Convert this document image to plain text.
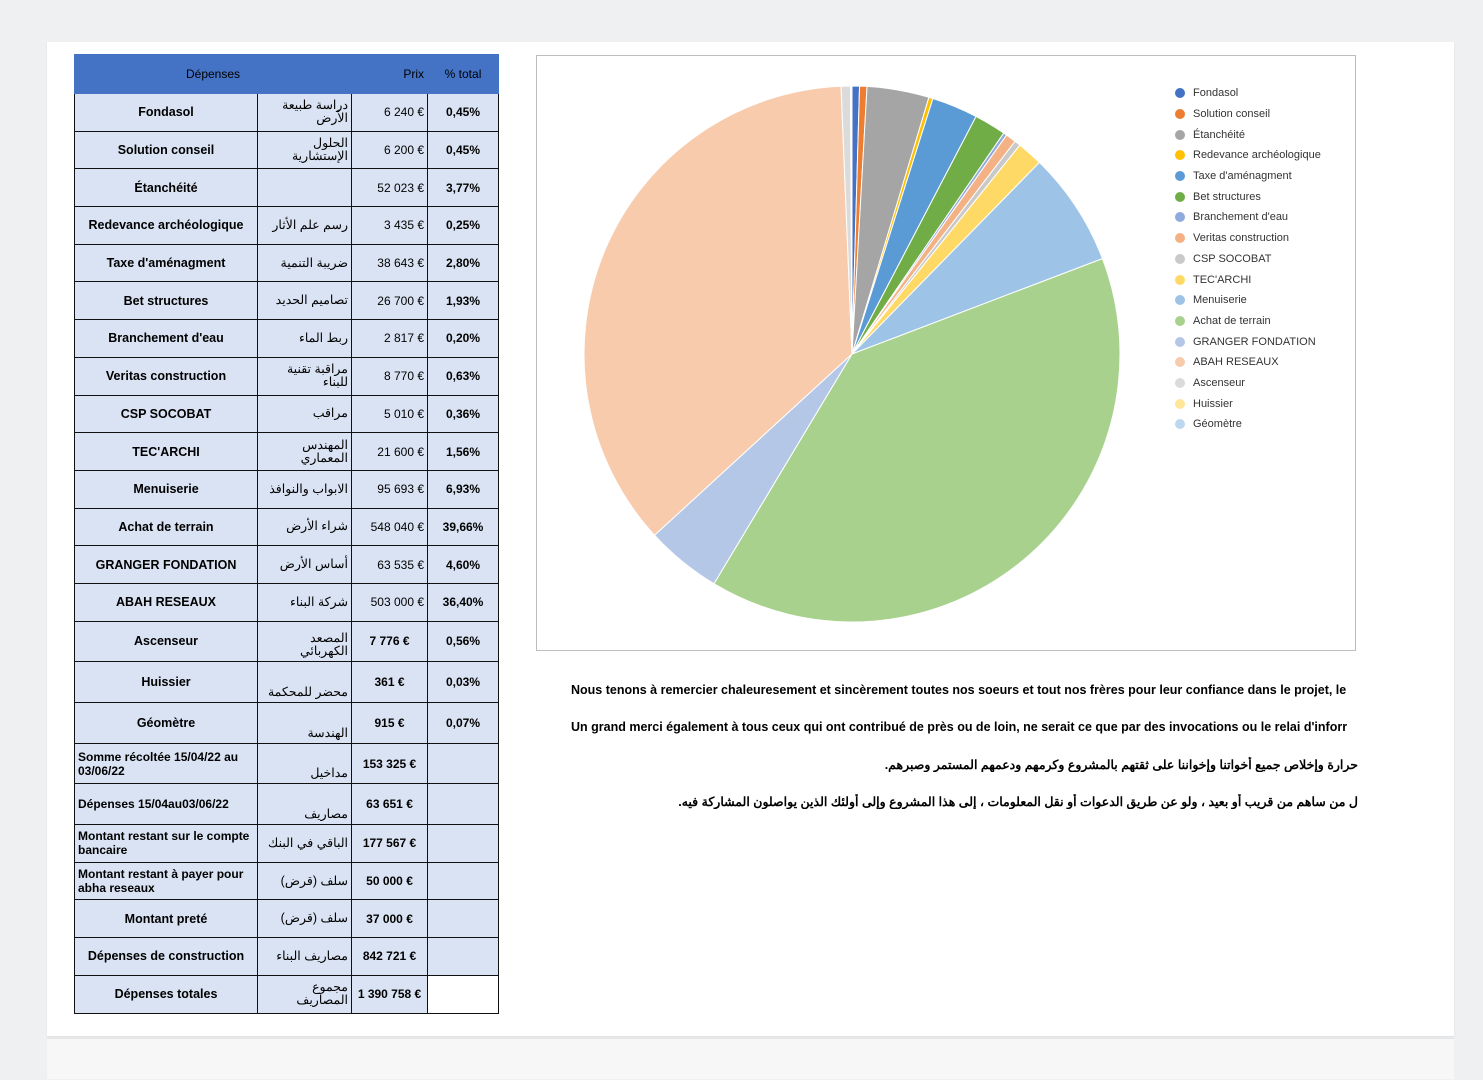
Dépenses		Prix	% total
Fondasol	دراسة طبيعة الأرض	6 240 €	0,45%
Solution conseil	الحلول الإستشارية	6 200 €	0,45%
Étanchéité		52 023 €	3,77%
Redevance archéologique	رسم علم الأثار	3 435 €	0,25%
Taxe d'aménagment	ضريبة التنمية	38 643 €	2,80%
Bet structures	تصاميم الحديد	26 700 €	1,93%
Branchement d'eau	ربط الماء	2 817 €	0,20%
Veritas construction	مراقبة تقنية للبناء	8 770 €	0,63%
CSP SOCOBAT	مراقب	5 010 €	0,36%
TEC'ARCHI	المهندس المعماري	21 600 €	1,56%
Menuiserie	الابواب والنوافذ	95 693 €	6,93%
Achat de terrain	شراء الأرض	548 040 €	39,66%
GRANGER FONDATION	أساس الأرض	63 535 €	4,60%
ABAH RESEAUX	شركة البناء	503 000 €	36,40%
Ascenseur	المصعد الكهربائي	7 776 €	0,56%
Huissier	محضر للمحكمة	361 €	0,03%
Géomètre	الهندسة	915 €	0,07%
Somme récoltée 15/04/22 au 03/06/22	مداخيل	153 325 €	
Dépenses 15/04au03/06/22	مصاريف	63 651 €	
Montant restant sur le compte bancaire	الباقي في البنك	177 567 €	
Montant restant à payer pour abha reseaux	سلف (قرض)	50 000 €	
Montant preté	سلف (قرض)	37 000 €	
Dépenses de construction	مصاريف البناء	842 721 €	
Dépenses totales	مجموع المصاريف	1 390 758 €	
Fondasol
Solution conseil
Étanchéité
Redevance archéologique
Taxe d'aménagment
Bet structures
Branchement d'eau
Veritas construction
CSP SOCOBAT
TEC'ARCHI
Menuiserie
Achat de terrain
GRANGER FONDATION
ABAH RESEAUX
Ascenseur
Huissier
Géomètre
Nous tenons à remercier chaleuresement et sincèrement toutes nos soeurs et tout nos frères pour leur confiance dans le projet, le
Un grand merci également à tous ceux qui ont contribué de près ou de loin, ne serait ce que par des invocations ou le relai d'inforr
حرارة وإخلاص جميع أخواتنا وإخواننا على ثقتهم بالمشروع وكرمهم ودعمهم المستمر وصبرهم.
ل من ساهم من قريب أو بعيد ، ولو عن طريق الدعوات أو نقل المعلومات ، إلى هذا المشروع وإلى أولئك الذين يواصلون المشاركة فيه.
